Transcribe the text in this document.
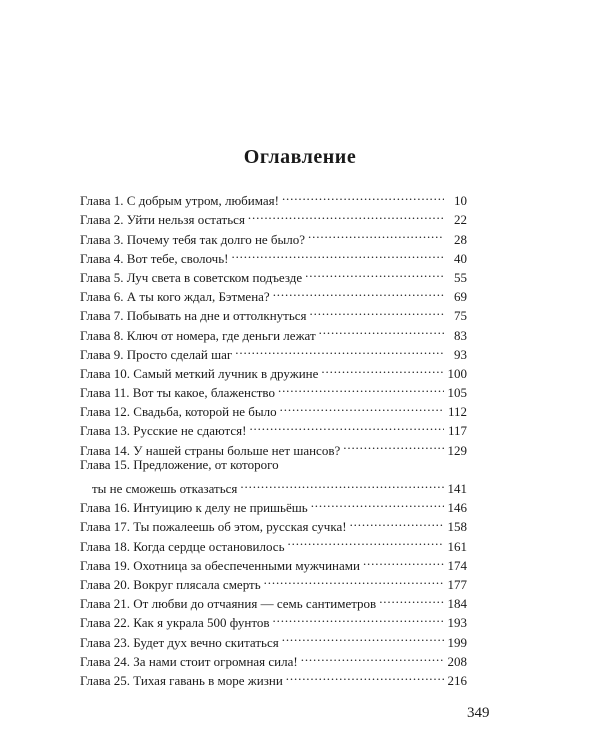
Оглавление
Глава 1. С добрым утром, любимая! . . .	10
Глава 2. Уйти нельзя остаться . . .	22
Глава 3. Почему тебя так долго не было? . . .	28
Глава 4. Вот тебе, сволочь! . . .	40
Глава 5. Луч света в советском подъезде . . .	55
Глава 6. А ты кого ждал, Бэтмена? . . .	69
Глава 7. Побывать на дне и оттолкнуться . . .	75
Глава 8. Ключ от номера, где деньги лежат . . .	83
Глава 9. Просто сделай шаг . . .	93
Глава 10. Самый меткий лучник в дружине . . .	100
Глава 11. Вот ты какое, блаженство . . .	105
Глава 12. Свадьба, которой не было . . .	112
Глава 13. Русские не сдаются! . . .	117
Глава 14. У нашей страны больше нет шансов? . . .	129
Глава 15. Предложение, от которого
ты не сможешь отказаться . . .	141
Глава 16. Интуицию к делу не пришьёшь . . .	146
Глава 17. Ты пожалеешь об этом, русская сучка! . . .	158
Глава 18. Когда сердце остановилось . . .	161
Глава 19. Охотница за обеспеченными мужчинами . . .	174
Глава 20. Вокруг плясала смерть . . .	177
Глава 21. От любви до отчаяния — семь сантиметров . . .	184
Глава 22. Как я украла 500 фунтов . . .	193
Глава 23. Будет дух вечно скитаться . . .	199
Глава 24. За нами стоит огромная сила! . . .	208
Глава 25. Тихая гавань в море жизни . . .	216
349
